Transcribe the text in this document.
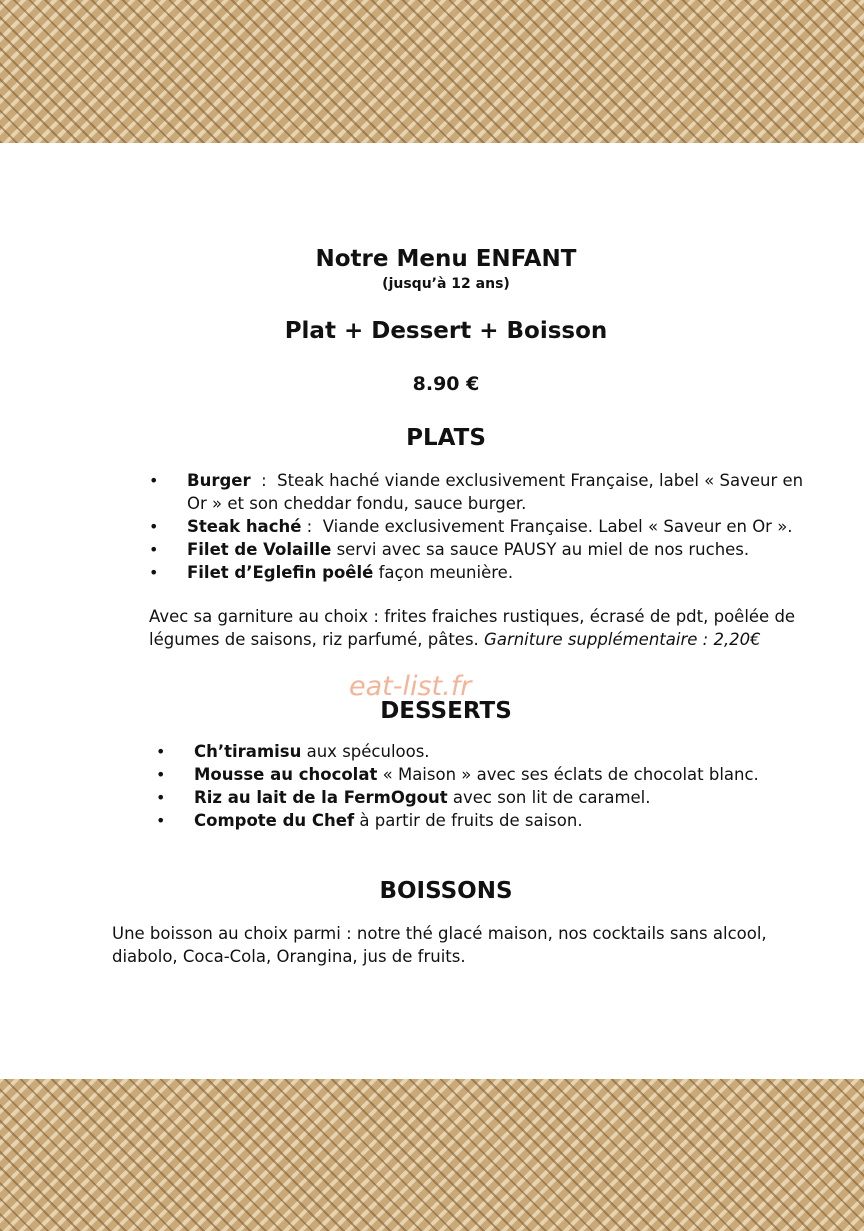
Notre Menu ENFANT
(jusqu’à 12 ans)
Plat + Dessert + Boisson
8.90 €
PLATS
• Burger  :  Steak haché viande exclusivement Française, label « Saveur en Or » et son cheddar fondu, sauce burger.
• Steak haché :  Viande exclusivement Française. Label « Saveur en Or ».
• Filet de Volaille servi avec sa sauce PAUSY au miel de nos ruches.
• Filet d’Eglefin poêlé façon meunière.

Avec sa garniture au choix : frites fraiches rustiques, écrasé de pdt, poêlée de légumes de saisons, riz parfumé, pâtes. Garniture supplémentaire : 2,20€

eat-list.fr
DESSERTS
• Ch’tiramisu aux spéculoos.
• Mousse au chocolat « Maison » avec ses éclats de chocolat blanc.
• Riz au lait de la FermOgout avec son lit de caramel.
• Compote du Chef à partir de fruits de saison.
BOISSONS

Une boisson au choix parmi : notre thé glacé maison, nos cocktails sans alcool, diabolo, Coca-Cola, Orangina, jus de fruits.
